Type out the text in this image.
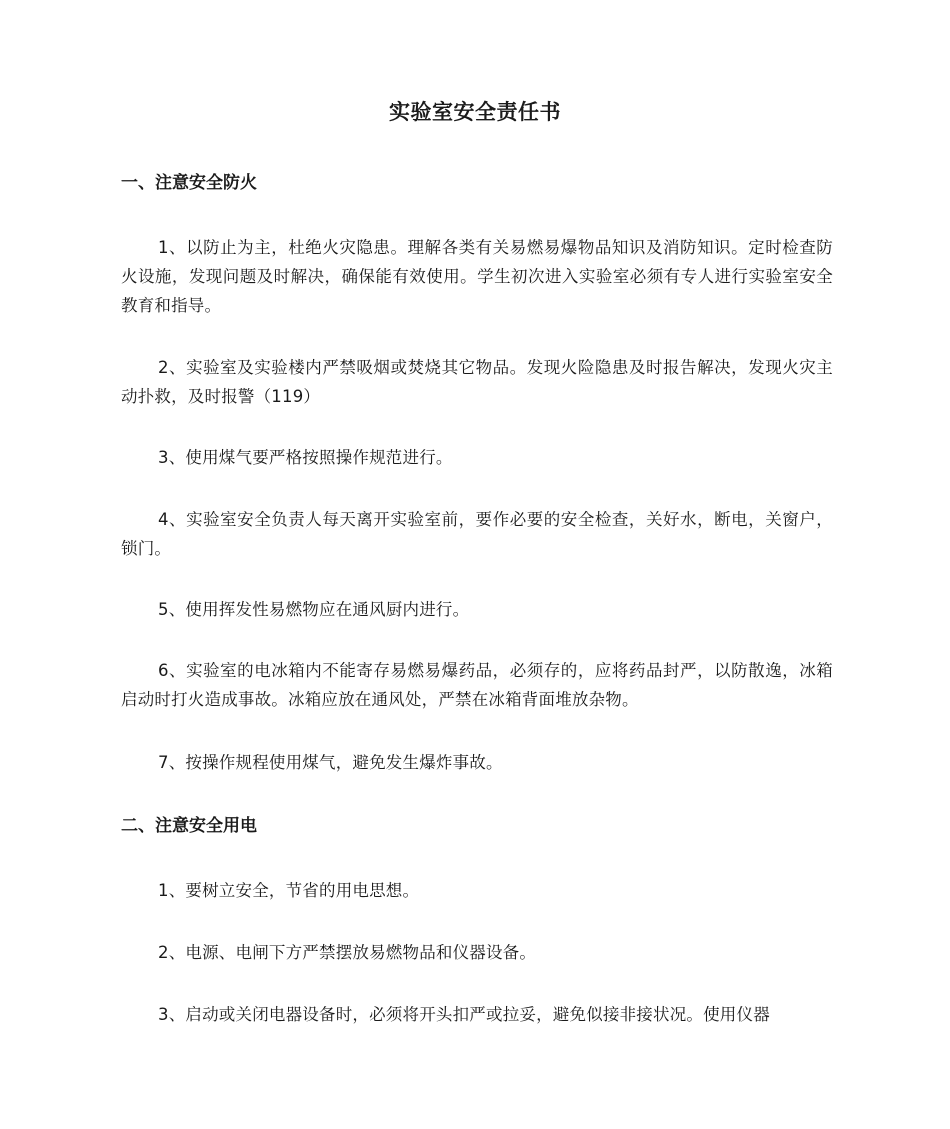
实验室安全责任书
一、注意安全防火
1、以防止为主，杜绝火灾隐患。理解各类有关易燃易爆物品知识及消防知识。定时检查防火设施，发现问题及时解决，确保能有效使用。学生初次进入实验室必须有专人进行实验室安全教育和指导。
2、实验室及实验楼内严禁吸烟或焚烧其它物品。发现火险隐患及时报告解决，发现火灾主动扑救，及时报警（119）
3、使用煤气要严格按照操作规范进行。
4、实验室安全负责人每天离开实验室前，要作必要的安全检查，关好水，断电，关窗户，锁门。
5、使用挥发性易燃物应在通风厨内进行。
6、实验室的电冰箱内不能寄存易燃易爆药品，必须存的，应将药品封严，以防散逸，冰箱启动时打火造成事故。冰箱应放在通风处，严禁在冰箱背面堆放杂物。
7、按操作规程使用煤气，避免发生爆炸事故。
二、注意安全用电
1、要树立安全，节省的用电思想。
2、电源、电闸下方严禁摆放易燃物品和仪器设备。
3、启动或关闭电器设备时，必须将开头扣严或拉妥，避免似接非接状况。使用仪器
